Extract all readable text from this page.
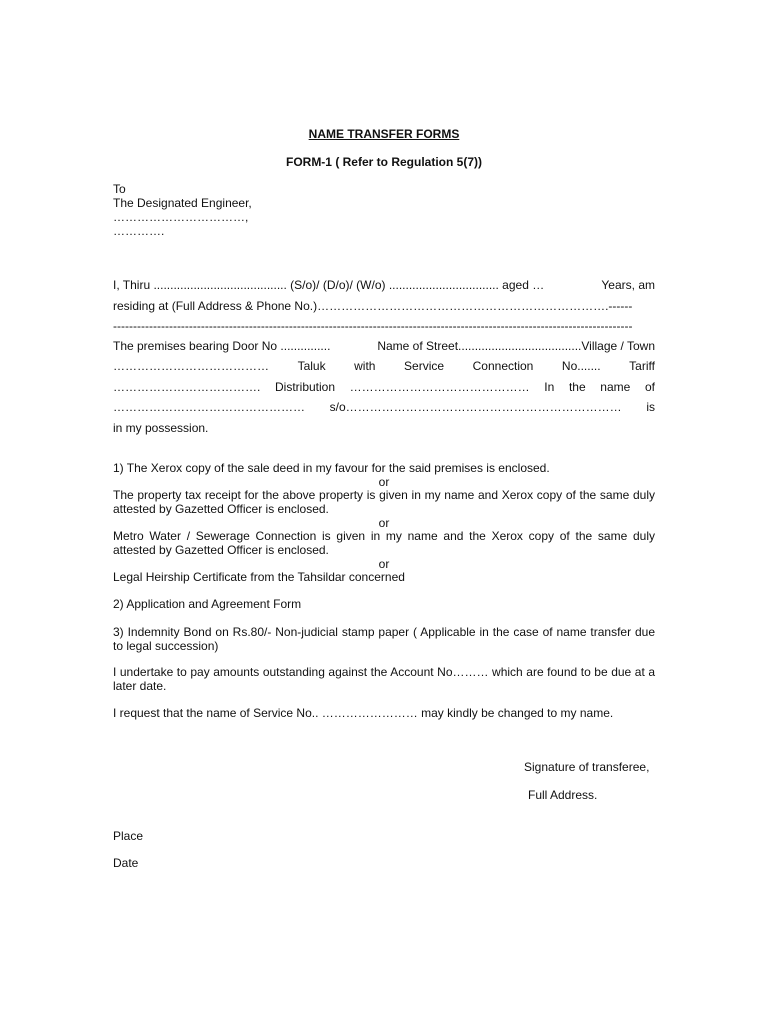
NAME TRANSFER FORMS
FORM-1 ( Refer to Regulation 5(7))
To
The Designated Engineer,
……………………………,
………….
I, Thiru ........................................ (S/o)/ (D/o)/ (W/o) ................................. aged …	Years, am
residing at (Full Address & Phone No.)……………………………………………………………….------
----------------------------------------------------------------------------------------------------------------------------------
The premises bearing Door No ...............	Name of Street.....................................Village / Town
………………………………… Taluk with Service Connection No....... Tariff
………………………………. Distribution ……………………………………… In the name of
………………………………………… s/o…………………………………………………………… is
in my possession.
1) The Xerox copy of the sale deed in my favour for the said premises is enclosed.
or
The property tax receipt for the above property is given in my name and Xerox copy of the same duly attested by Gazetted Officer is enclosed.
or
Metro Water / Sewerage Connection is given in my name and the Xerox copy of the same duly attested by Gazetted Officer is enclosed.
or
Legal Heirship Certificate from the Tahsildar concerned
2) Application and Agreement Form
3) Indemnity Bond on Rs.80/- Non-judicial stamp paper ( Applicable in the case of name transfer due to legal succession)
I undertake to pay amounts outstanding against the Account No……… which are found to be due at a later date.
I request that the name of Service No.. …………………… may kindly be changed to my name.
Signature of transferee,
Full Address.
Place
Date
